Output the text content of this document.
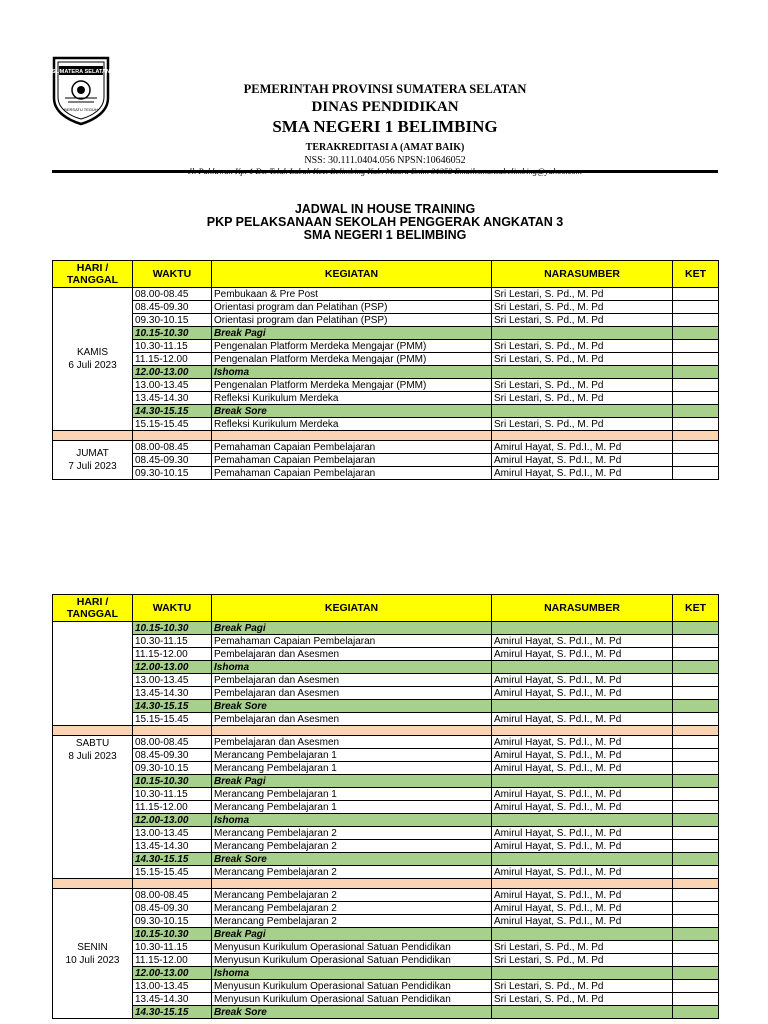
SUMATERA SELATAN
BERSATU TEGUH
PEMERINTAH PROVINSI SUMATERA SELATAN
DINAS PENDIDIKAN
SMA NEGERI 1 BELIMBING
TERAKREDITASI A (AMAT BAIK)
NSS: 30.111.0404.056 NPSN:10646052
JADWAL IN HOUSE TRAINING
PKP PELAKSANAAN SEKOLAH PENGGERAK ANGKATAN 3
SMA NEGERI 1 BELIMBING
HARI / TANGGAL	WAKTU	KEGIATAN	NARASUMBER	KET

KAMIS
6 Juli 2023	08.00-08.45	Pembukaan & Pre Post	Sri Lestari, S. Pd., M. Pd	
	08.45-09.30	Orientasi program dan Pelatihan (PSP)	Sri Lestari, S. Pd., M. Pd	
	09.30-10.15	Orientasi program dan Pelatihan (PSP)	Sri Lestari, S. Pd., M. Pd	
	10.15-10.30	Break Pagi		
	10.30-11.15	Pengenalan Platform Merdeka Mengajar (PMM)	Sri Lestari, S. Pd., M. Pd	
	11.15-12.00	Pengenalan Platform Merdeka Mengajar (PMM)	Sri Lestari, S. Pd., M. Pd	
	12.00-13.00	Ishoma		
	13.00-13.45	Pengenalan Platform Merdeka Mengajar (PMM)	Sri Lestari, S. Pd., M. Pd	
	13.45-14.30	Refleksi Kurikulum Merdeka	Sri Lestari, S. Pd., M. Pd	
	14.30-15.15	Break Sore		
	15.15-15.45	Refleksi Kurikulum Merdeka	Sri Lestari, S. Pd., M. Pd	

JUMAT
7 Juli 2023	08.00-08.45	Pemahaman Capaian Pembelajaran	Amirul Hayat, S. Pd.I., M. Pd	
	08.45-09.30	Pemahaman Capaian Pembelajaran	Amirul Hayat, S. Pd.I., M. Pd	
	09.30-10.15	Pemahaman Capaian Pembelajaran	Amirul Hayat, S. Pd.I., M. Pd	
HARI / TANGGAL	WAKTU	KEGIATAN	NARASUMBER	KET
	10.15-10.30	Break Pagi		
	10.30-11.15	Pemahaman Capaian Pembelajaran	Amirul Hayat, S. Pd.I., M. Pd	
	11.15-12.00	Pembelajaran dan Asesmen	Amirul Hayat, S. Pd.I., M. Pd	
	12.00-13.00	Ishoma		
	13.00-13.45	Pembelajaran dan Asesmen	Amirul Hayat, S. Pd.I., M. Pd	
	13.45-14.30	Pembelajaran dan Asesmen	Amirul Hayat, S. Pd.I., M. Pd	
	14.30-15.15	Break Sore		
	15.15-15.45	Pembelajaran dan Asesmen	Amirul Hayat, S. Pd.I., M. Pd	

SABTU
8 Juli 2023	08.00-08.45	Pembelajaran dan Asesmen	Amirul Hayat, S. Pd.I., M. Pd	
	08.45-09.30	Merancang Pembelajaran 1	Amirul Hayat, S. Pd.I., M. Pd	
	09.30-10.15	Merancang Pembelajaran 1	Amirul Hayat, S. Pd.I., M. Pd	
	10.15-10.30	Break Pagi		
	10.30-11.15	Merancang Pembelajaran 1	Amirul Hayat, S. Pd.I., M. Pd	
	11.15-12.00	Merancang Pembelajaran 1	Amirul Hayat, S. Pd.I., M. Pd	
	12.00-13.00	Ishoma		
	13.00-13.45	Merancang Pembelajaran 2	Amirul Hayat, S. Pd.I., M. Pd	
	13.45-14.30	Merancang Pembelajaran 2	Amirul Hayat, S. Pd.I., M. Pd	
	14.30-15.15	Break Sore		
	15.15-15.45	Merancang Pembelajaran 2	Amirul Hayat, S. Pd.I., M. Pd	

SENIN
10 Juli 2023	08.00-08.45	Merancang Pembelajaran 2	Amirul Hayat, S. Pd.I., M. Pd	
	08.45-09.30	Merancang Pembelajaran 2	Amirul Hayat, S. Pd.I., M. Pd	
	09.30-10.15	Merancang Pembelajaran 2	Amirul Hayat, S. Pd.I., M. Pd	
	10.15-10.30	Break Pagi		
	10.30-11.15	Menyusun Kurikulum Operasional Satuan Pendidikan	Sri Lestari, S. Pd., M. Pd	
	11.15-12.00	Menyusun Kurikulum Operasional Satuan Pendidikan	Sri Lestari, S. Pd., M. Pd	
	12.00-13.00	Ishoma		
	13.00-13.45	Menyusun Kurikulum Operasional Satuan Pendidikan	Sri Lestari, S. Pd., M. Pd	
	13.45-14.30	Menyusun Kurikulum Operasional Satuan Pendidikan	Sri Lestari, S. Pd., M. Pd	
	14.30-15.15	Break Sore		
